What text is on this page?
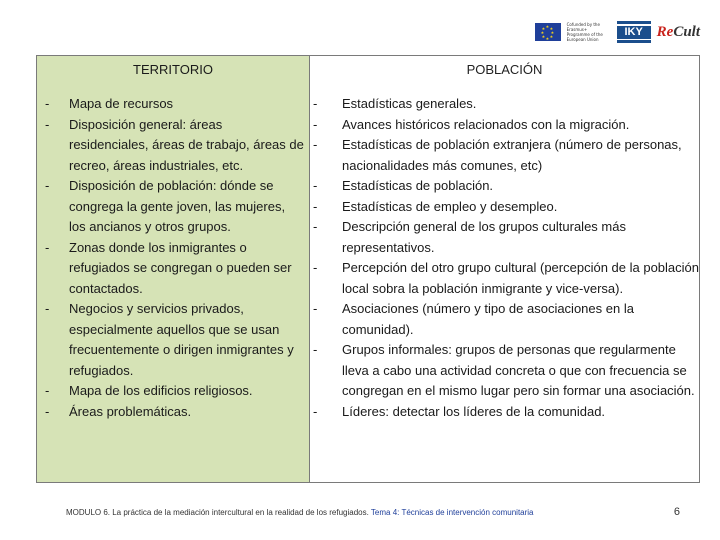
★
★ ★
★ ★
★ ★
★
Cofunded by the Erasmus+ Programme of the European Union
IKY ReCult
TERRITORIO
- Mapa de recursos
- Disposición general: áreas residenciales, áreas de trabajo, áreas de recreo, áreas industriales, etc.
- Disposición de población: dónde se congrega la gente joven, las mujeres, los ancianos y otros grupos.
- Zonas donde los inmigrantes o refugiados se congregan o pueden ser contactados.
- Negocios y servicios privados, especialmente aquellos que se usan frecuentemente o dirigen inmigrantes y refugiados.
- Mapa de los edificios religiosos.
- Áreas problemáticas.
POBLACIÓN
- Estadísticas generales.
- Avances históricos relacionados con la migración.
- Estadísticas de población extranjera (número de personas, nacionalidades más comunes, etc)
- Estadísticas de población.
- Estadísticas de empleo y desempleo.
- Descripción general de los grupos culturales más representativos.
- Percepción del otro grupo cultural (percepción de la población local sobra la población inmigrante y vice-versa).
- Asociaciones (número y tipo de asociaciones en la comunidad).
- Grupos informales: grupos de personas que regularmente lleva a cabo una actividad concreta o que con frecuencia se congregan en el mismo lugar pero sin formar una asociación.
- Líderes: detectar los líderes de la comunidad.
MODULO 6. La práctica de la mediación intercultural en la realidad de los refugiados. Tema 4: Técnicas de intervención comunitaria	6
